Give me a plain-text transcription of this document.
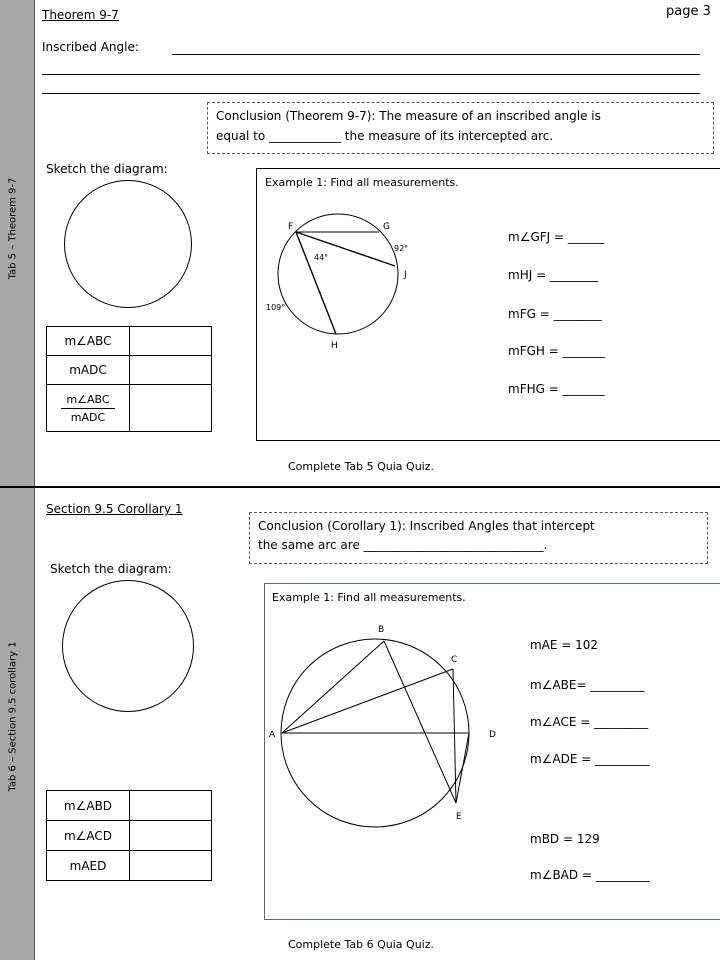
Tab 5 – Theorem 9-7
Tab 6 – Section 9.5 corollary 1
Theorem 9-7	page 3
Inscribed Angle:
Conclusion (Theorem 9-7): The measure of an inscribed angle is
equal to ____________ the measure of its intercepted arc.
Sketch the diagram:
m∠ABC	
mADC	

m∠ABC
mADC	

Example 1: Find all measurements.
F	G
J
H
44°
92°
109°
m∠GFJ = ______
mHJ = ________
mFG = ________
mFGH = _______
mFHG = _______
Complete Tab 5 Quia Quiz.
Section 9.5 Corollary 1
Conclusion (Corollary 1): Inscribed Angles that intercept
the same arc are ______________________________.
Sketch the diagram:
m∠ABD	
m∠ACD	
mAED	
Example 1: Find all measurements.
A
B
C
D
E
mAE = 102
m∠ABE= _________
m∠ACE = _________
m∠ADE = _________
mBD = 129
m∠BAD = _________
Complete Tab 6 Quia Quiz.
